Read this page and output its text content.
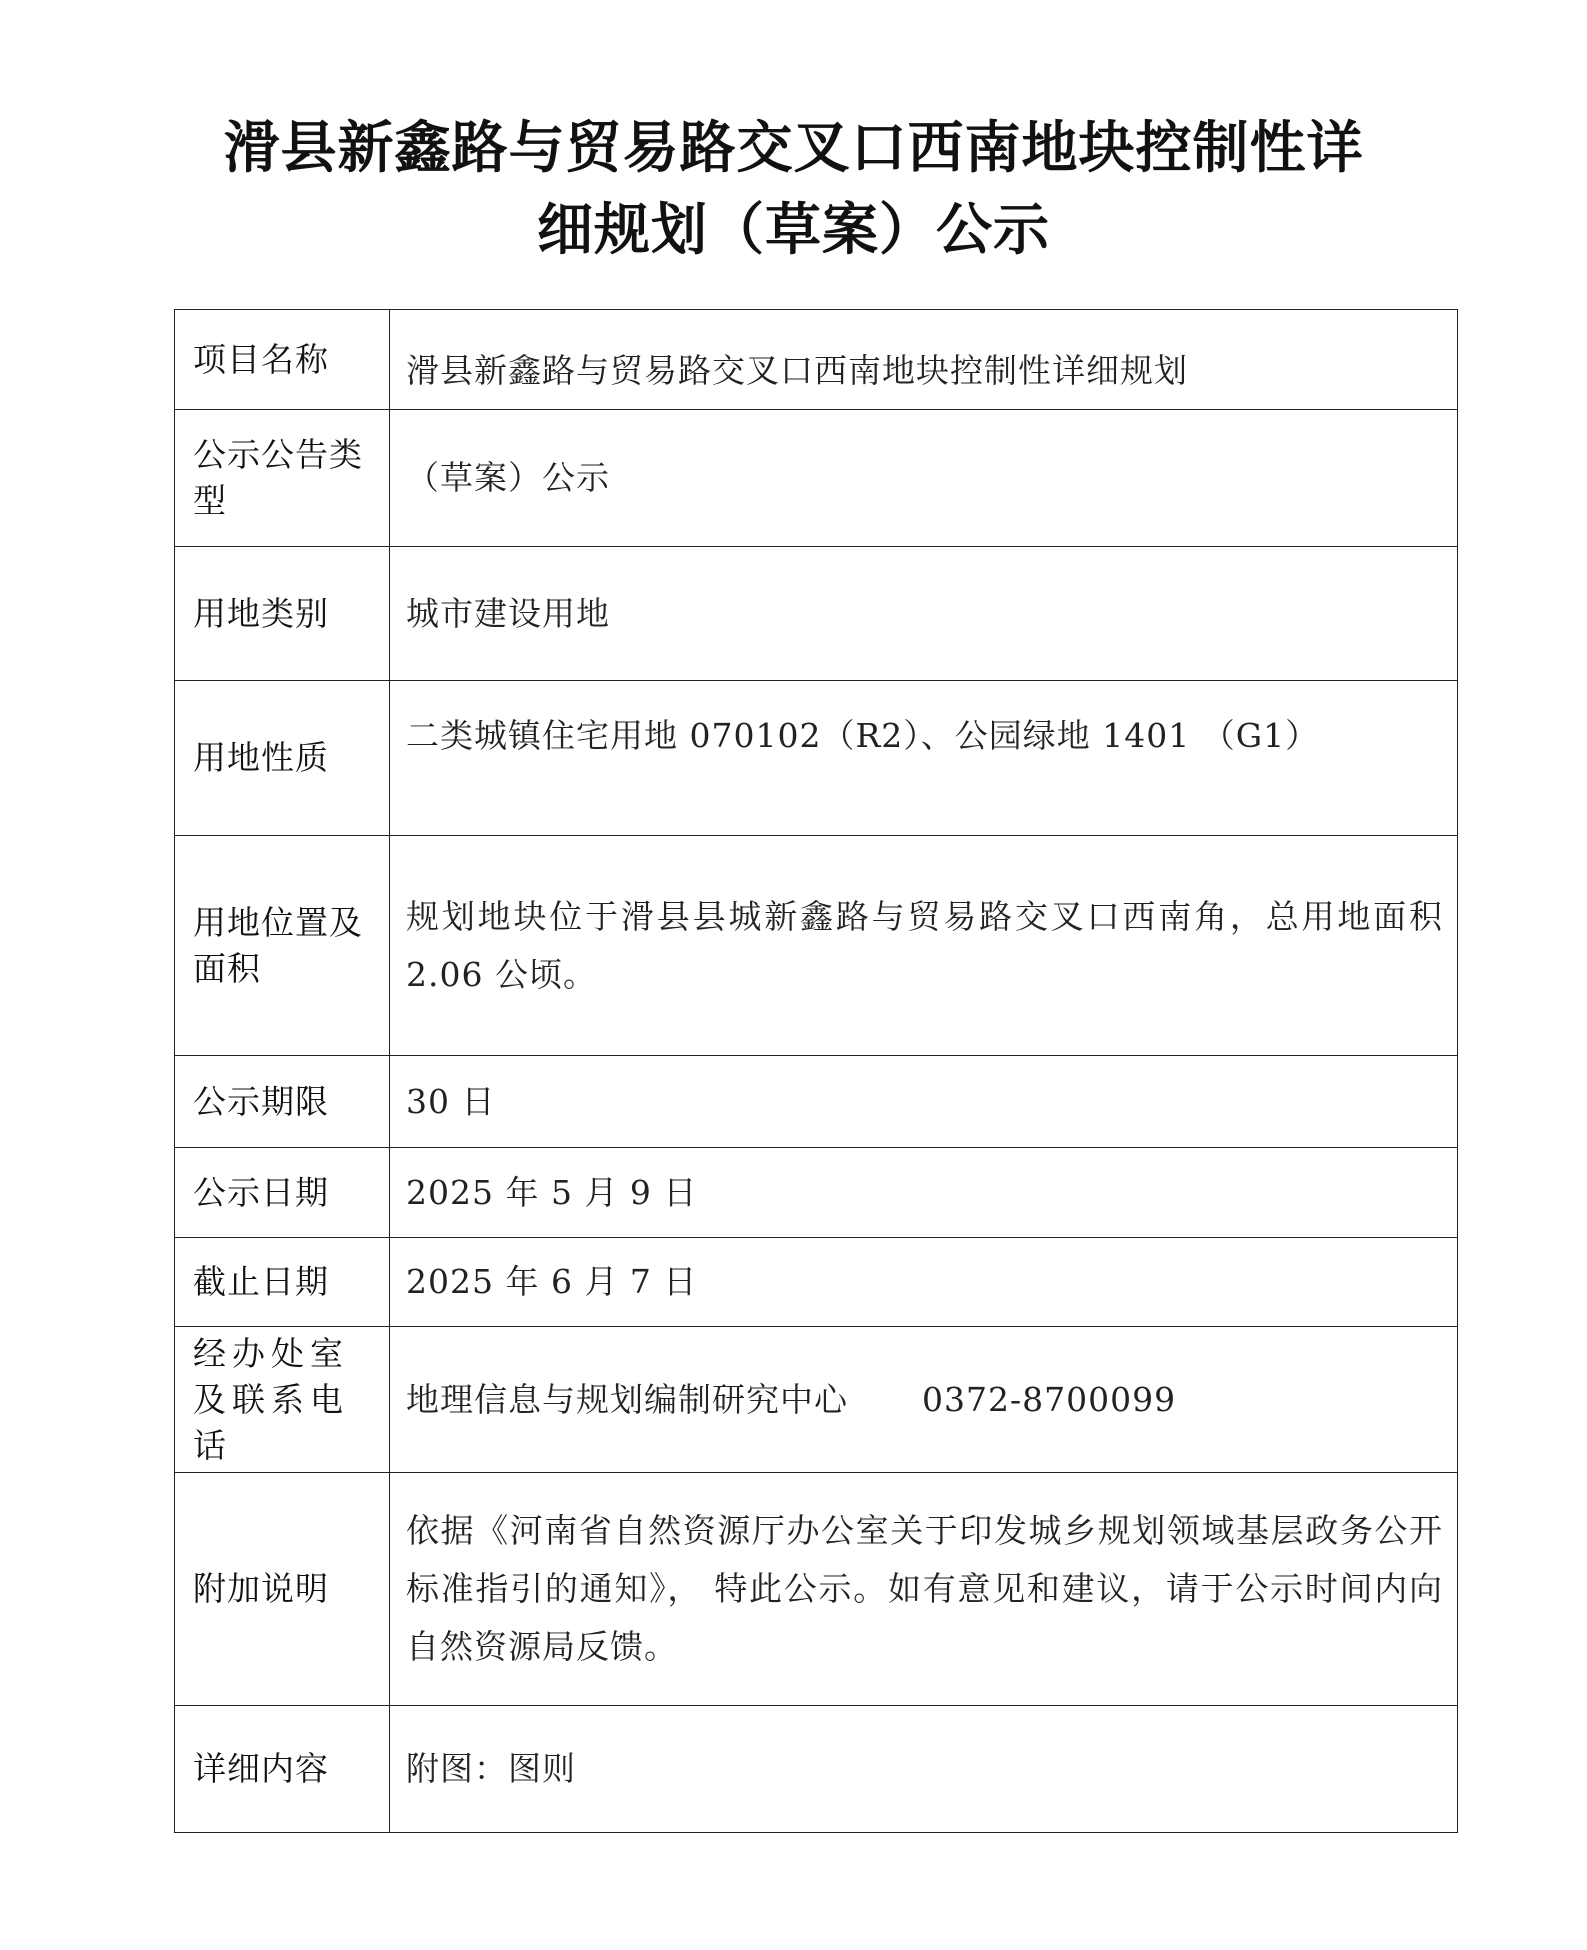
滑县新鑫路与贸易路交叉口西南地块控制性详
细规划（草案）公示
项目名称	滑县新鑫路与贸易路交叉口西南地块控制性详细规划
公示公告类型	（草案）公示
用地类别	城市建设用地
用地性质	二类城镇住宅用地 070102（R2）、公园绿地 1401 （G1）
用地位置及面积	规划地块位于滑县县城新鑫路与贸易路交叉口西南角，总用地面积 2.06 公顷。
公示期限	30 日
公示日期	2025 年 5 月 9 日
截止日期	2025 年 6 月 7 日
经办处室及联系电话	地理信息与规划编制研究中心 0372-8700099
附加说明	依据《河南省自然资源厅办公室关于印发城乡规划领域基层政务公开标准指引的通知》， 特此公示。如有意见和建议，请于公示时间内向自然资源局反馈。
详细内容	附图：图则
